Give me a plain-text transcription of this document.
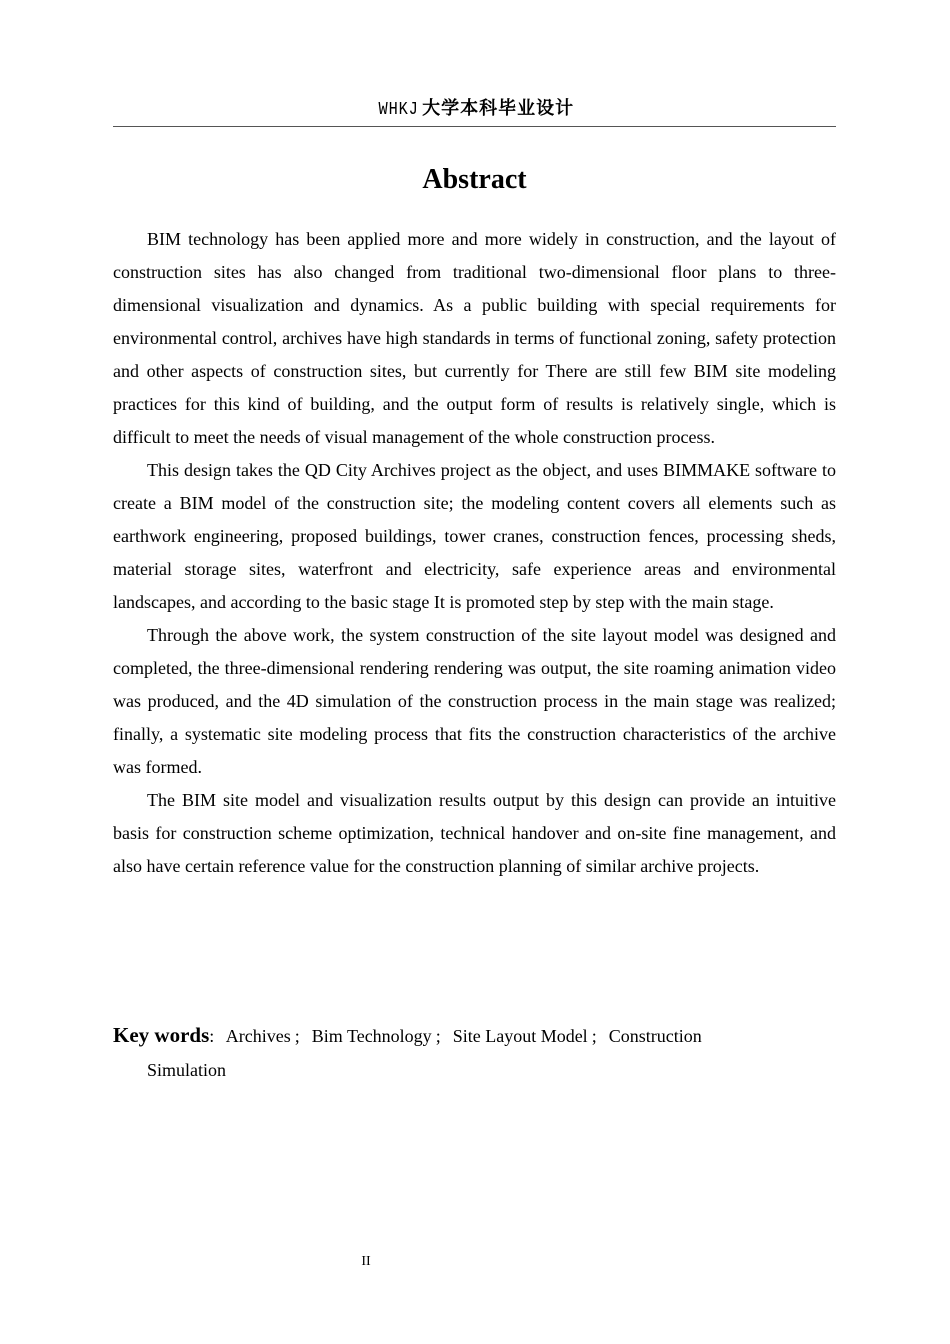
WHKJ 大学本科毕业设计
Abstract

BIM technology has been applied more and more widely in construction, and the layout of construction sites has also changed from traditional two-dimensional floor plans to three-dimensional visualization and dynamics. As a public building with special requirements for environmental control, archives have high standards in terms of functional zoning, safety protection and other aspects of construction sites, but currently for There are still few BIM site modeling practices for this kind of building, and the output form of results is relatively single, which is difficult to meet the needs of visual management of the whole construction process.

This design takes the QD City Archives project as the object, and uses BIMMAKE software to create a BIM model of the construction site; the modeling content covers all elements such as earthwork engineering, proposed buildings, tower cranes, construction fences, processing sheds, material storage sites, waterfront and electricity, safe experience areas and environmental landscapes, and according to the basic stage It is promoted step by step with the main stage.

Through the above work, the system construction of the site layout model was designed and completed, the three-dimensional rendering rendering was output, the site roaming animation video was produced, and the 4D simulation of the construction process in the main stage was realized; finally, a systematic site modeling process that fits the construction characteristics of the archive was formed.

The BIM site model and visualization results output by this design can provide an intuitive basis for construction scheme optimization, technical handover and on-site fine management, and also have certain reference value for the construction planning of similar archive projects.

Key words: Archives ; Bim Technology ; Site Layout Model ; Construction
Simulation
II
